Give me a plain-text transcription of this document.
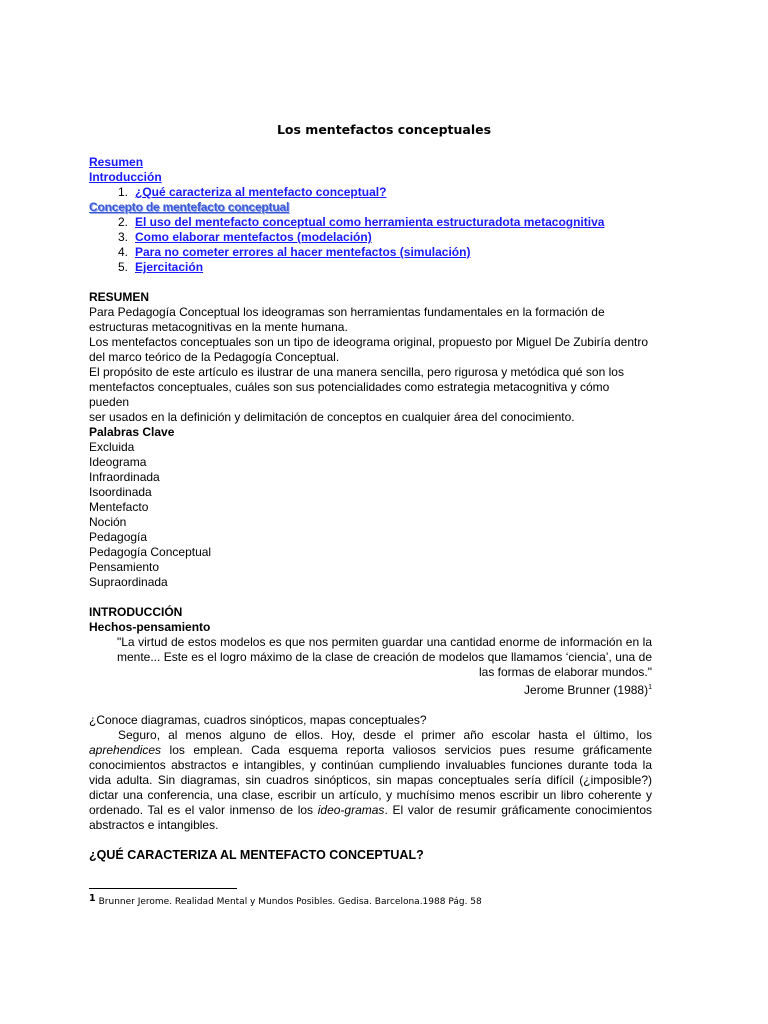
Los mentefactos conceptuales
Resumen
Introducción
1. ¿Qué caracteriza al mentefacto conceptual?
Concepto de mentefacto conceptual
2. El uso del mentefacto conceptual como herramienta estructuradota metacognitiva
3. Como elaborar mentefactos (modelación)
4. Para no cometer errores al hacer mentefactos (simulación)
5. Ejercitación
RESUMEN
Para Pedagogía Conceptual los ideogramas son herramientas fundamentales en la formación de
estructuras metacognitivas en la mente humana.
Los mentefactos conceptuales son un tipo de ideograma original, propuesto por Miguel De Zubiría dentro
del marco teórico de la Pedagogía Conceptual.
El propósito de este artículo es ilustrar de una manera sencilla, pero rigurosa y metódica qué son los
mentefactos conceptuales, cuáles son sus potencialidades como estrategia metacognitiva y cómo pueden
ser usados en la definición y delimitación de conceptos en cualquier área del conocimiento.
Palabras Clave
Excluida
Ideograma
Infraordinada
Isoordinada
Mentefacto
Noción
Pedagogía
Pedagogía Conceptual
Pensamiento
Supraordinada
INTRODUCCIÓN
Hechos-pensamiento
"La virtud de estos modelos es que nos permiten guardar una cantidad enorme de información en la mente... Este es el logro máximo de la clase de creación de modelos que llamamos ‘ciencia’, una de las formas de elaborar mundos."
Jerome Brunner (1988)$^1$
¿Conoce diagramas, cuadros sinópticos, mapas conceptuales?
Seguro, al menos alguno de ellos. Hoy, desde el primer año escolar hasta el último, los aprehendices los emplean. Cada esquema reporta valiosos servicios pues resume gráficamente conocimientos abstractos e intangibles, y continúan cumpliendo invaluables funciones durante toda la vida adulta. Sin diagramas, sin cuadros sinópticos, sin mapas conceptuales sería difícil (¿imposible?) dictar una conferencia, una clase, escribir un artículo, y muchísimo menos escribir un libro coherente y ordenado. Tal es el valor inmenso de los ideo-gramas. El valor de resumir gráficamente conocimientos abstractos e intangibles.
¿QUÉ CARACTERIZA AL MENTEFACTO CONCEPTUAL?
$^1$ Brunner Jerome. Realidad Mental y Mundos Posibles. Gedisa. Barcelona.1988 Pág. 58
